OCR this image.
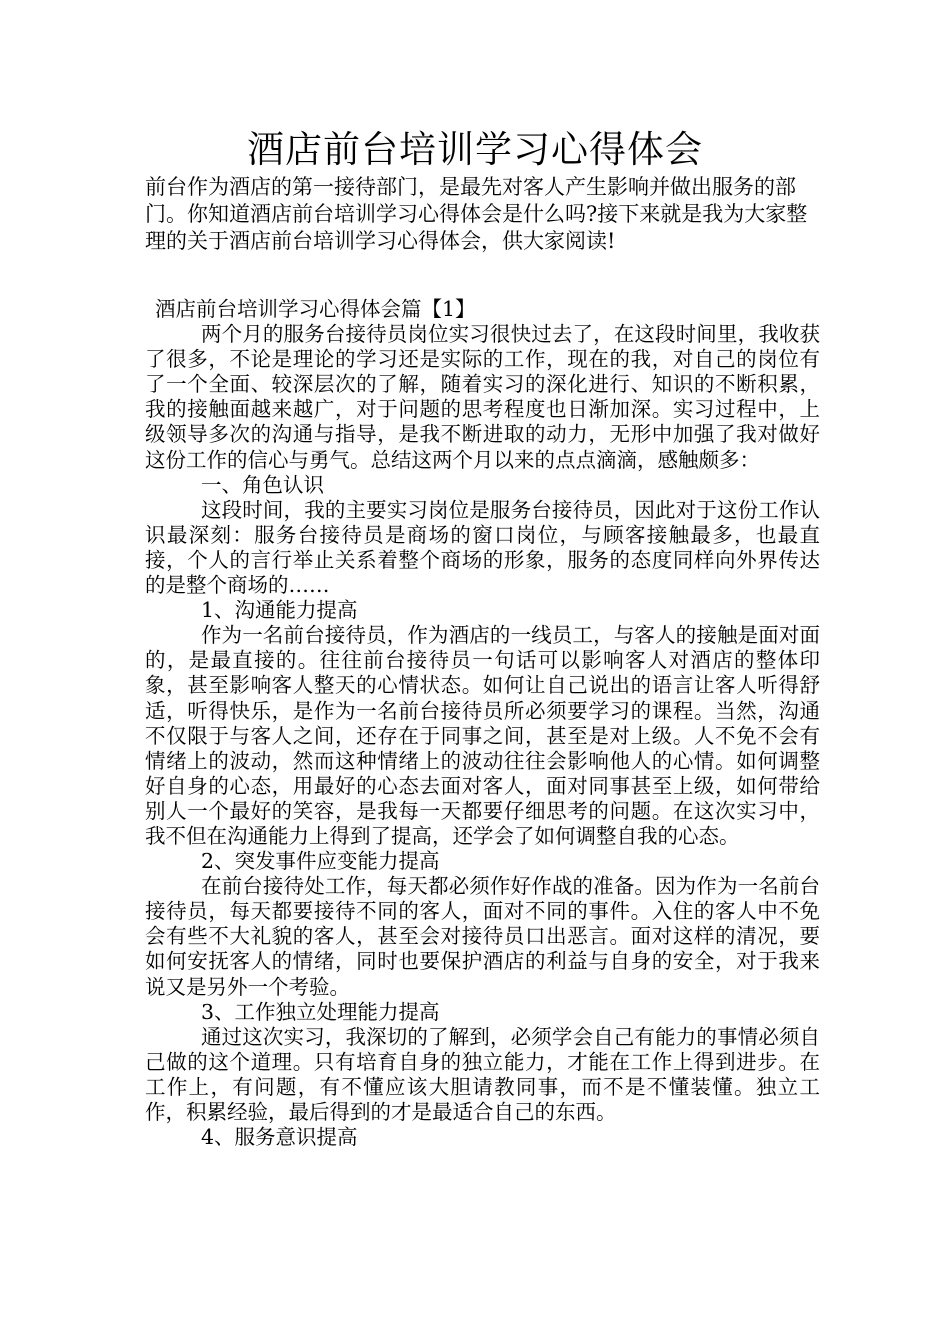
酒店前台培训学习心得体会
前台作为酒店的第一接待部门，是最先对客人产生影响并做出服务的部门。你知道酒店前台培训学习心得体会是什么吗?接下来就是我为大家整理的关于酒店前台培训学习心得体会，供大家阅读!

酒店前台培训学习心得体会篇【1】

两个月的服务台接待员岗位实习很快过去了，在这段时间里，我收获了很多，不论是理论的学习还是实际的工作，现在的我，对自己的岗位有了一个全面、较深层次的了解，随着实习的深化进行、知识的不断积累，我的接触面越来越广，对于问题的思考程度也日渐加深。实习过程中，上级领导多次的沟通与指导，是我不断进取的动力，无形中加强了我对做好这份工作的信心与勇气。总结这两个月以来的点点滴滴，感触颇多：

一、角色认识

这段时间，我的主要实习岗位是服务台接待员，因此对于这份工作认识最深刻：服务台接待员是商场的窗口岗位，与顾客接触最多，也最直接，个人的言行举止关系着整个商场的形象，服务的态度同样向外界传达的是整个商场的……

1、沟通能力提高

作为一名前台接待员，作为酒店的一线员工，与客人的接触是面对面的，是最直接的。往往前台接待员一句话可以影响客人对酒店的整体印象，甚至影响客人整天的心情状态。如何让自己说出的语言让客人听得舒适，听得快乐，是作为一名前台接待员所必须要学习的课程。当然，沟通不仅限于与客人之间，还存在于同事之间，甚至是对上级。人不免不会有情绪上的波动，然而这种情绪上的波动往往会影响他人的心情。如何调整好自身的心态，用最好的心态去面对客人，面对同事甚至上级，如何带给别人一个最好的笑容，是我每一天都要仔细思考的问题。在这次实习中，我不但在沟通能力上得到了提高，还学会了如何调整自我的心态。

2、突发事件应变能力提高

在前台接待处工作，每天都必须作好作战的准备。因为作为一名前台接待员，每天都要接待不同的客人，面对不同的事件。入住的客人中不免会有些不大礼貌的客人，甚至会对接待员口出恶言。面对这样的清况，要如何安抚客人的情绪，同时也要保护酒店的利益与自身的安全，对于我来说又是另外一个考验。

3、工作独立处理能力提高

通过这次实习，我深切的了解到，必须学会自己有能力的事情必须自己做的这个道理。只有培育自身的独立能力，才能在工作上得到进步。在工作上，有问题，有不懂应该大胆请教同事，而不是不懂装懂。独立工作，积累经验，最后得到的才是最适合自己的东西。

4、服务意识提高
